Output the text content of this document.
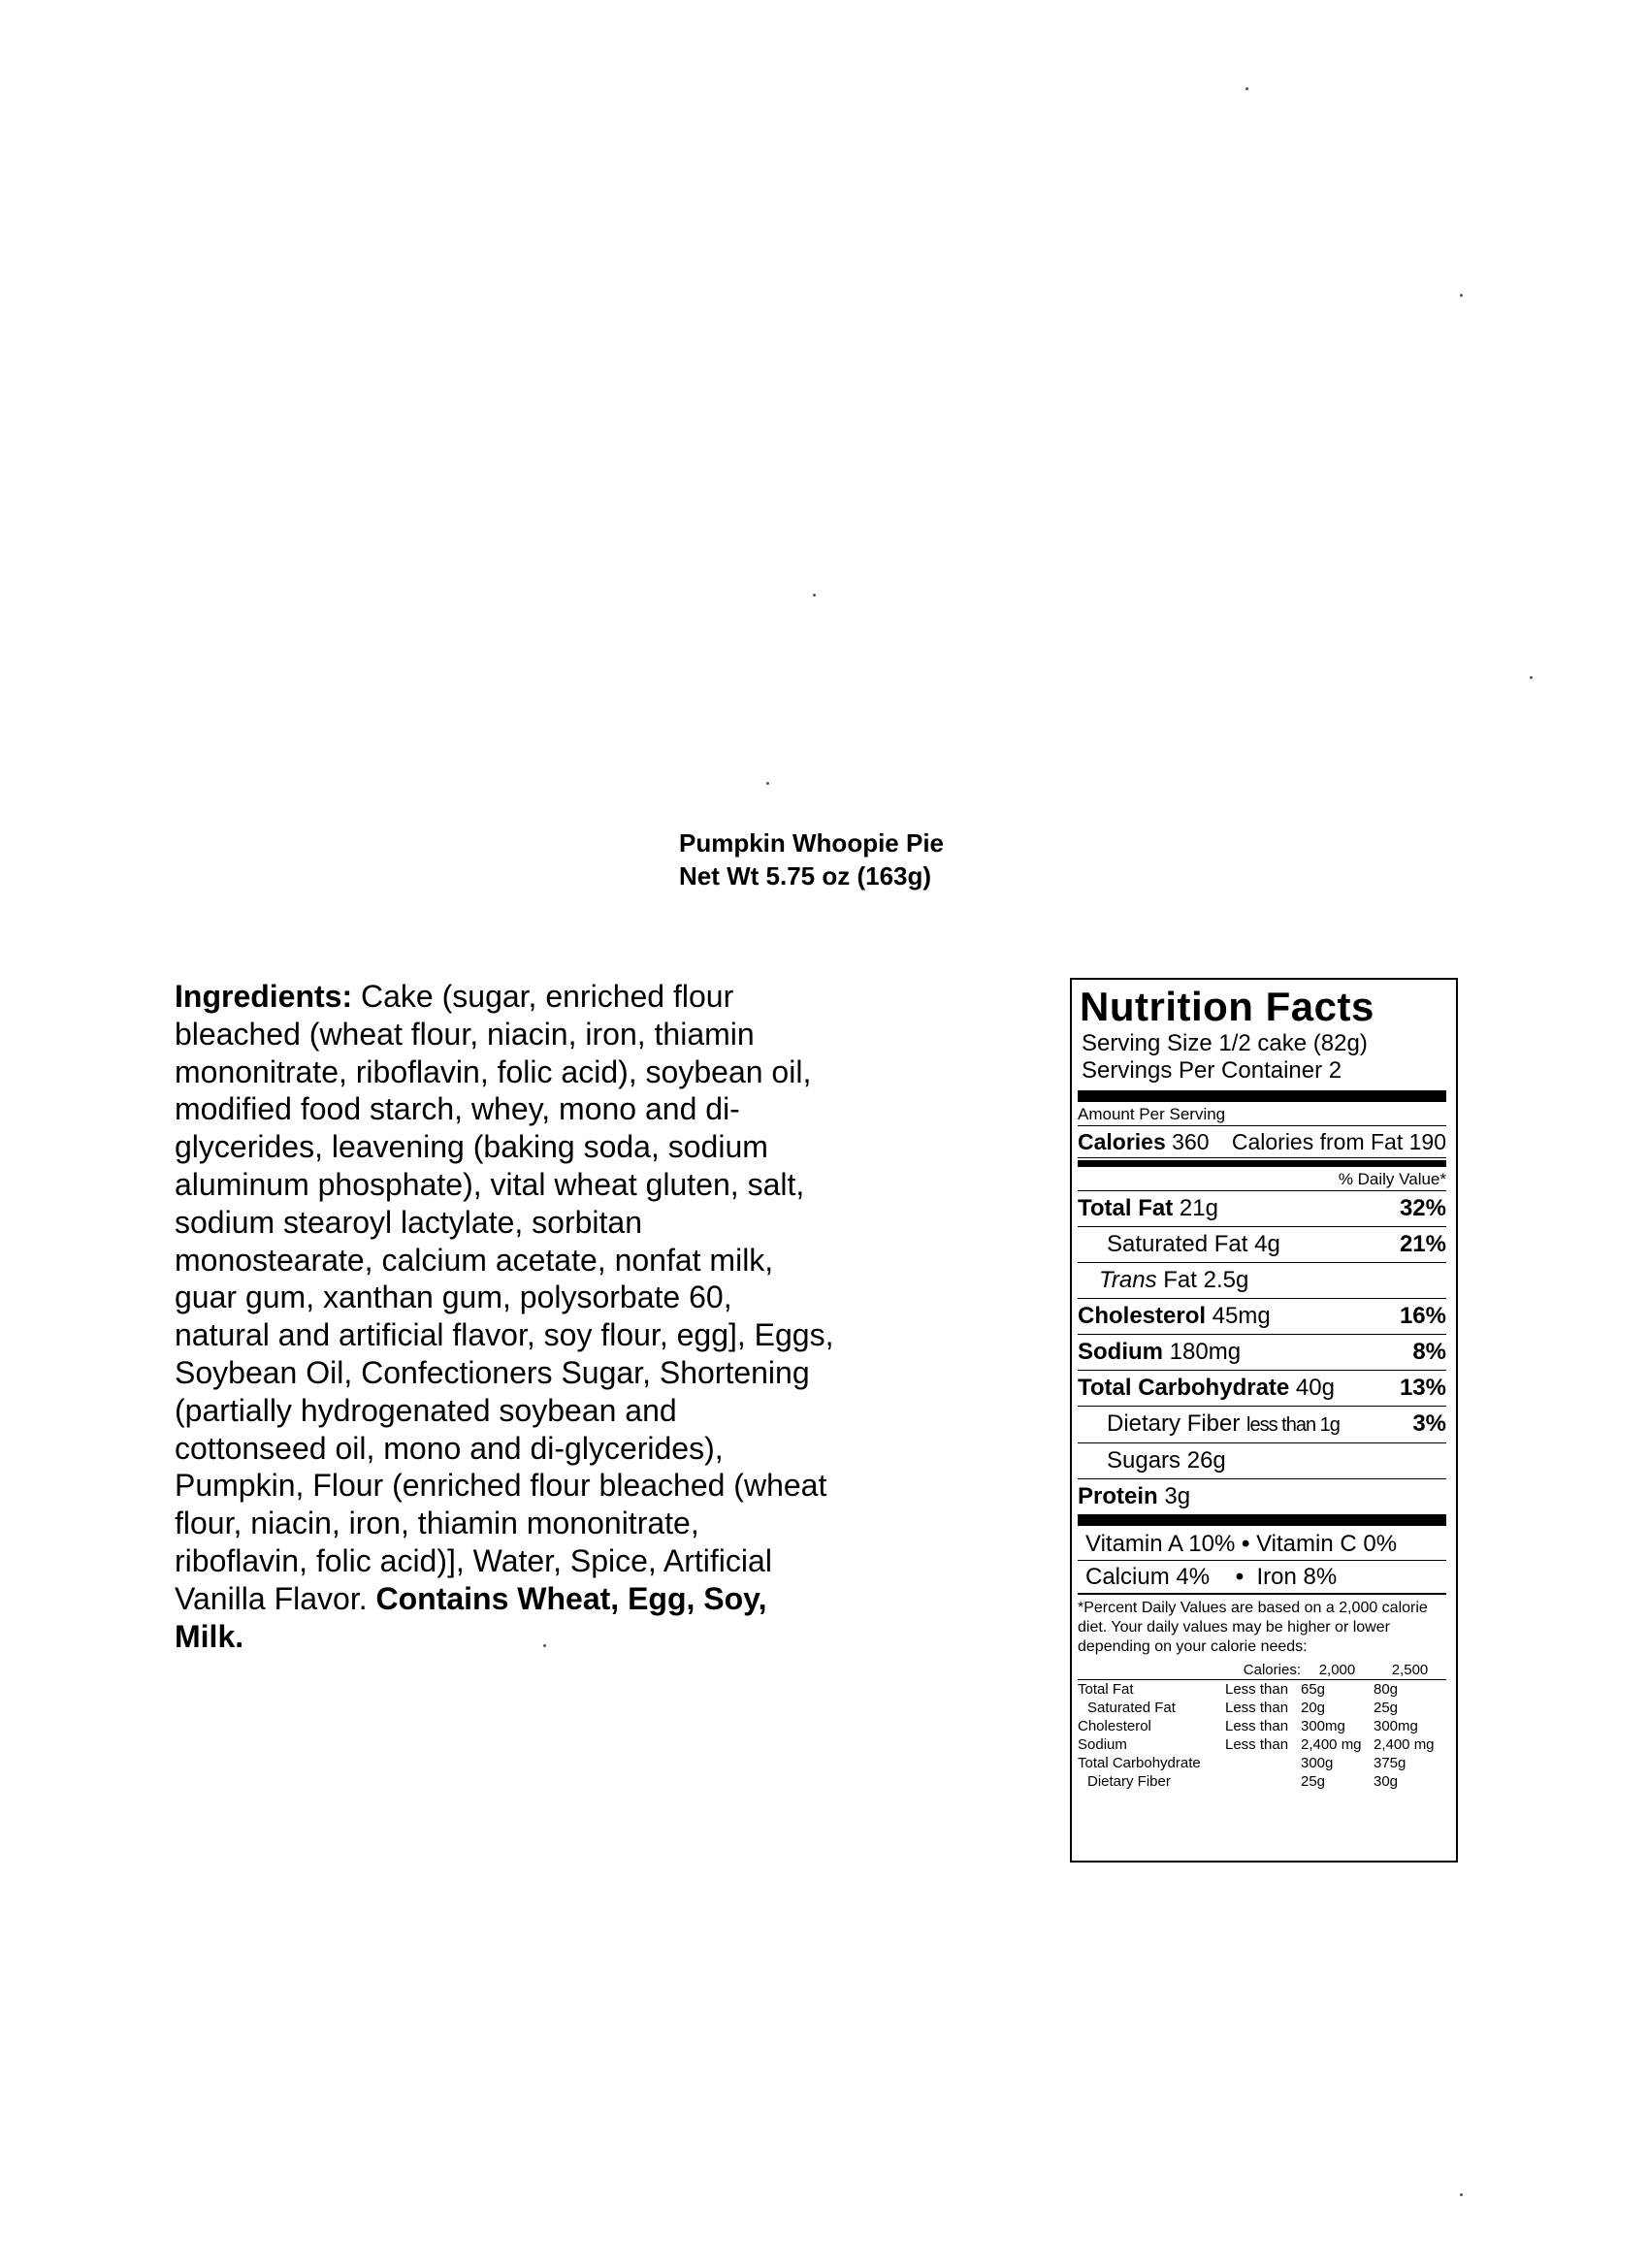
Pumpkin Whoopie Pie
Net Wt 5.75 oz (163g)
Ingredients: Cake (sugar, enriched flour bleached (wheat flour, niacin, iron, thiamin mononitrate, riboflavin, folic acid), soybean oil, modified food starch, whey, mono and di-glycerides, leavening (baking soda, sodium aluminum phosphate), vital wheat gluten, salt, sodium stearoyl lactylate, sorbitan monostearate, calcium acetate, nonfat milk, guar gum, xanthan gum, polysorbate 60, natural and artificial flavor, soy flour, egg], Eggs, Soybean Oil, Confectioners Sugar, Shortening (partially hydrogenated soybean and cottonseed oil, mono and di-glycerides), Pumpkin, Flour (enriched flour bleached (wheat flour, niacin, iron, thiamin mononitrate, riboflavin, folic acid)], Water, Spice, Artificial Vanilla Flavor. Contains Wheat, Egg, Soy, Milk.
Nutrition Facts
Serving Size 1/2 cake (82g)
Servings Per Container 2
Amount Per Serving
Calories 360 Calories from Fat 190
% Daily Value*
Total Fat 21g	32%
Saturated Fat 4g	21%
Trans Fat 2.5g
Cholesterol 45mg	16%
Sodium 180mg	8%
Total Carbohydrate 40g	13%
Dietary Fiber less than 1g	3%
Sugars 26g
Protein 3g
Vitamin A 10% • Vitamin C 0%
Calcium 4% • Iron 8%
*Percent Daily Values are based on a 2,000 calorie diet. Your daily values may be higher or lower depending on your calorie needs:
	Calories:	2,000	2,500
Total Fat	Less than	65g	80g
Saturated Fat	Less than	20g	25g
Cholesterol	Less than	300mg	300mg
Sodium	Less than	2,400 mg	2,400 mg
Total Carbohydrate		300g	375g
Dietary Fiber		25g	30g
